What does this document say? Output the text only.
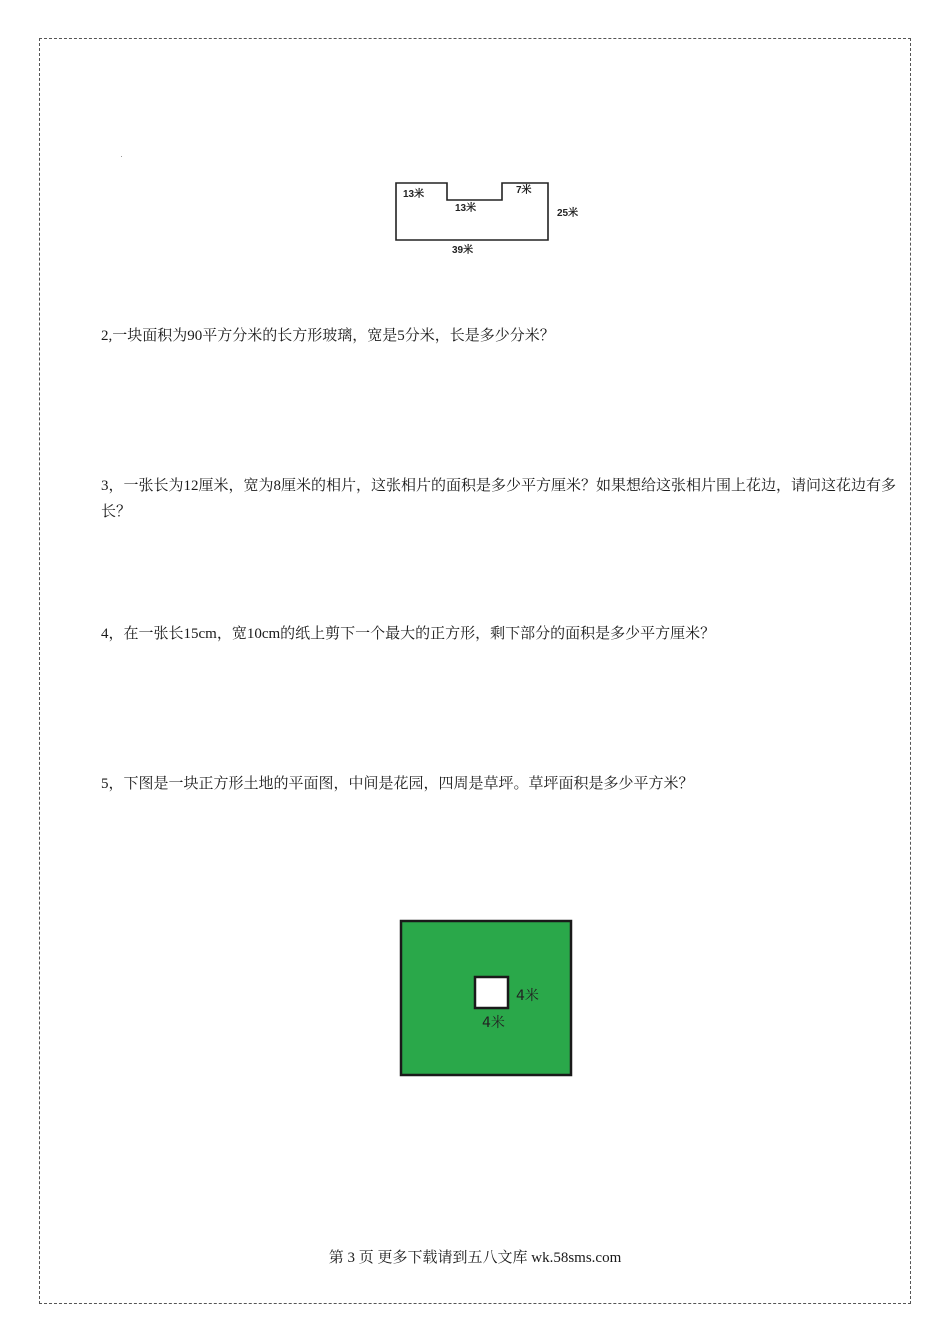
13米	7米
13米	25米
39米

2,一块面积为90平方分米的长方形玻璃，宽是5分米，长是多少分米？

3，一张长为12厘米，宽为8厘米的相片，这张相片的面积是多少平方厘米？如果想给这张相片围上花边，请问这花边有多长？

4，在一张长15cm，宽10cm的纸上剪下一个最大的正方形，剩下部分的面积是多少平方厘米？

5，下图是一块正方形土地的平面图，中间是花园，四周是草坪。草坪面积是多少平方米？

4米
4米
第 3 页 更多下载请到五八文库 wk.58sms.com
